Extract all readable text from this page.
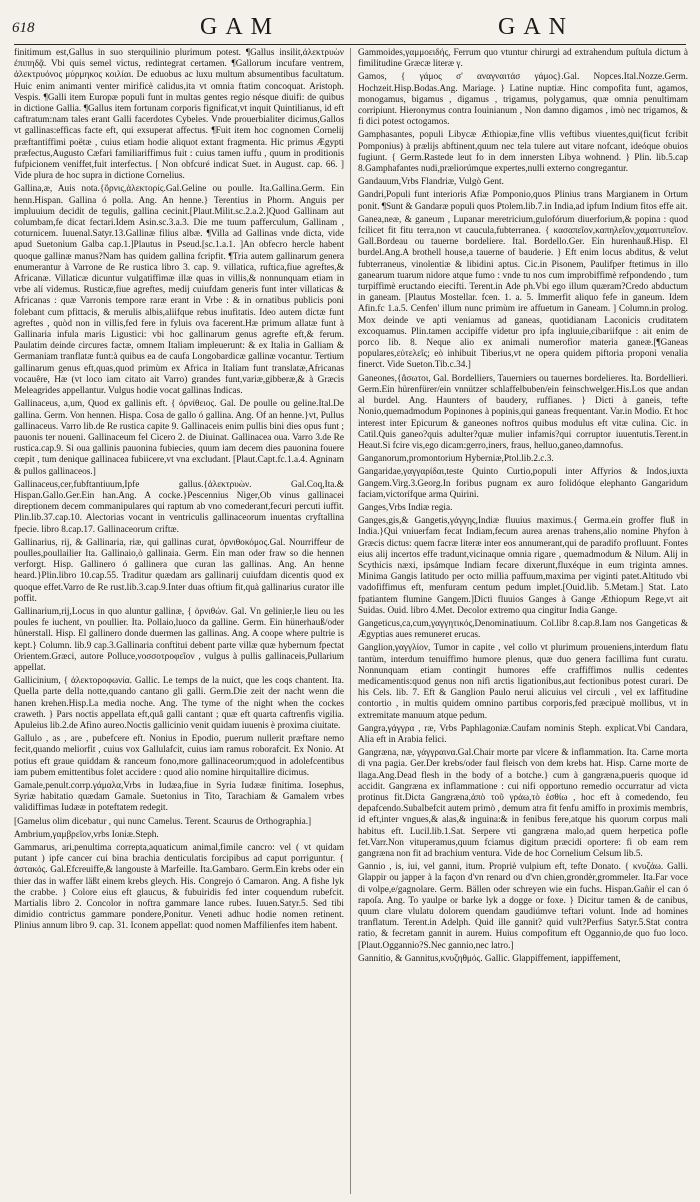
618	GAM	GAN

finitimum est,Gallus in suo sterquilinio plurimum potest. ¶Gallus insilit,ἀλεκτρυὼν ἐπιπηδᾷ. Vbi quis semel victus, redintegrat certamen. ¶Gallorum incufare ventrem, ἀλεκτρυόνος μύρμηκος κοιλίαι. De eduobus ac luxu multum absumentibus facultatum. Huic enim animanti venter mirificè calidus,ita vt omnia ftatim concoquat. Aristoph. Vespis. ¶Galli item Europæ populi funt in multas gentes regio nésque diuifi: de quibus in dictione Gallia. ¶Gallus item fortunam corporis fignificat,vt inquit Quintilianus, id eft caftratum:nam tales erant Galli facerdotes Cybeles. Vnde prouerbialiter dicimus,Gallos vt gallinas:efficas facte eft, qui exsuperat affectus. ¶Fuit item hoc cognomen Cornelij præftantiffimi poëtæ , cuius etiam hodie aliquot extant fragmenta. Hic primus Ægypti præfectus,Augusto Cæfari familiariffimus fuit : cuius tamen iuffu , quum in proditionis fufpicionem veniffet,fuit interfectus. [ Non obfcuré indicat Suet. in August. cap. 66. ] Vide plura de hoc supra in dictione Cornelius.

Gallina,æ, Auis nota.{ὄρνις,ἀλεκτορίς.Gal.Geline ou poulle. Ita.Gallina.Germ. Ein henn.Hispan. Gallina ó polla. Ang. An henne.} Terentius in Phorm. Anguis per impluuium decidit de tegulis, gallina cecinit.[Plaut.Milit.sc.2.a.2.]Quod Gallinam aut columbam,fe dicat fectari.Idem Asin.sc.3.a.3. Die me tuum pafferculum, Gallinam , coturnicem. Iuuenal.Satyr.13.Gallinæ filius albæ. ¶Villa ad Gallinas vnde dicta, vide apud Suetonium Galba cap.1.]Plautus in Pseud.[sc.1.a.1. ]An obfecro hercle habent quoque gallinæ manus?Nam has quidem gallina fcripfit. ¶Tria autem gallinarum genera enumerantur à Varrone de Re rustica libro 3. cap. 9. villatica, ruftica,fiue agreftes,& Africanæ. Villaticæ dicuntur vulgatiffimæ illæ quas in villis,& nonnunquam etiam in vrbe alí videmus. Rusticæ,fiue agreftes, medij cuiufdam generis funt inter villaticas & Africanas : quæ Varronis tempore raræ erant in Vrbe : & in ornatibus publicis poni folebant cum pfittacis, & merulis albis,aliifque rebus inufitatis. Ideo autem dictæ funt agreftes , quòd non in villis,fed fere in fyluis ova facerent.Hæ primum allatæ funt à Gallinaria infula maris Ligustici: vbi hoc gallinarum genus agrefte eft,& ferum. Paulatim deinde circures factæ, omnem Italiam impleuerunt: & ex Italia in Galliam & Germaniam tranflatæ funt:à quibus ea de caufa Longobardicæ gallinæ vocantur. Tertium gallinarum genus eft,quas,quod primùm ex Africa in Italiam funt translatæ,Africanas vocauêre, Hæ (vt loco iam citato ait Varro) grandes funt,variæ,gibberæ,& à Græcis Meleagrides appellantur. Vulgus hodie vocat gallinas Indicas.

Gallinaceus, a,um, Quod ex gallinis eft. { ὀρνίθειος. Gal. De poulle ou geline.Ital.De gallina. Germ. Von hennen. Hispa. Cosa de gallo ó gallina. Ang. Of an henne.}vt, Pullus gallinaceus. Varro lib.de Re rustica capite 9. Gallinaceis enim pullis bini dies opus funt ; pauonis ter noueni. Gallinaceum fel Cicero 2. de Diuinat. Gallinacea oua. Varro 3.de Re rustica.cap.9. Si oua gallinis pauonina fubiecies, quum iam decem dies pauonina fouere cœpit , tum denique gallinacea fubiicere,vt vna excludant. [Plaut.Capt.fc.1.a.4. Agninam & pullos gallinaceos.]

Gallinaceus,cer,fubftantiuum,Ipfe gallus.{ἀλεκτρυὼν. Gal.Coq,Ita.& Hispan.Gallo.Ger.Ein han.Ang. A cocke.}Pescennius Niger,Ob vinus gallinacei direptionem decem commanipulares qui raptum ab vno comederant,fecuri percuti iuffit. Plin.lib.37.cap.10. Alectorias vocant in ventriculis gallinaceorum inuentas cryftallina fpecie. libro 8.cap.17. Gallinaceorum criftæ.

Gallinarius, rij, & Gallinaria, riæ, qui gallinas curat, ὀρνιθοκόμος.Gal. Nourriffeur de poulles,poullailier Ita. Gallinaio,ò gallinaia. Germ. Ein man oder fraw so die hennen verforgt. Hisp. Gallinero ó gallinera que curan las gallinas. Ang. An henne heard.}Plin.libro 10.cap.55. Traditur quædam ars gallinarij cuiufdam dicentis quod ex quoque effet.Varro de Re rust.lib.3.cap.9.Inter duas oftium fit,quà gallinarius curator ille poffit.

Gallinarium,rij,Locus in quo aluntur gallinæ, { ὀρνιθών. Gal. Vn gelinier,le lieu ou les poules fe iuchent, vn poullier. Ita. Pollaio,luoco da galline. Germ. Ein hünerhauß/oder hünerstall. Hisp. El gallinero donde duermen las gallinas. Ang. A coope where pultrie is kept.} Column. lib.9 cap.3.Gallinaria conftitui debent parte villæ quæ hybernum fpectat Orientem.Græci, autore Polluce,νοσσοτροφεῖον , vulgus à pullis gallinaceis,Pullarium appellat.

Gallicinium, { ἀλεκτοροφωνία. Gallic. Le temps de la nuict, que les coqs chantent. Ita. Quella parte della notte,quando cantano gli galli. Germ.Die zeit der nacht wenn die hanen krehen.Hisp.La media noche. Ang. The tyme of the night when the cockes craweth. } Pars noctis appellata eft,quâ galli cantant ; quæ eft quarta caftrenfis vigilia. Apuleius lib.2.de Afino aureo.Noctis gallicinio venit quidam iuuenis è proxima ciuitate.

Gallulo , as , are , pubefcere eft. Nonius in Epodio, puerum nullerit præftare nemo fecit,quando meliorfit , cuius vox Gallulafcit, cuius iam ramus roborafcit. Ex Nonio. At potius eft graue quiddam & ranceum fono,more gallinaceorum;quod in adolefcentibus iam pubem emittentibus folet accidere : quod alio nomine hirquitallire dicimus.

Gamale,penult.corrp.γάμαλα,Vrbs in Iudæa,fiue in Syria Iudææ finitima. Iosephus, Syriæ habitatio quædam Gamale. Suetonius in Tito, Tarachiam & Gamalem vrbes validiffimas Iudææ in poteftatem redegit.

[Gamelus olim dicebatur , qui nunc Camelus. Terent. Scaurus de Orthographia.]

Ambrium,γαμβρεῖον,vrbs Ioniæ.Steph.

Gammarus, ari,penultima correpta,aquaticum animal,fimile cancro: vel ( vt quidam putant ) ipfe cancer cui bina brachia denticulatis forcipibus ad caput porriguntur. { ἀστακός. Gal.Efcreuiffe,& langouste à Marfeille. Ita.Gambaro. Germ.Ein krebs oder ein thier das in waffer läßt einem krebs gleych. His. Congrejo ó Camaron. Ang. A fishe lyk the crabbe. } Colore eius eft glaucus, & fubuiridis fed inter coquendum rubefcit. Martialis libro 2. Concolor in noftra gammare lance rubes. Iuuen.Satyr.5. Sed tibi dimidio contrictus gammare pondere,Ponitur. Veneti adhuc hodie nomen retinent. Plinius annum libro 9. cap. 31. Iconem appellat: quod nomen Maffilienfes item habent.

Gammoides,γαμμοειδής, Ferrum quo vtuntur chirurgi ad extrahendum puſtula dictum à fimilitudine Græcæ literæ γ.

Gamos, { γάμος σ' αναγναιτάσ γάμος}.Gal. Nopces.Ital.Nozze.Germ. Hochzeit.Hisp.Bodas.Ang. Mariage. } Latine nuptiæ. Hinc compofita funt, agamos, monogamus, bigamus , digamus , trigamus, polygamus, quæ omnia penultimam corripiunt. Hieronymus contra Iouinianum , Non damno digamos , imò nec trigamos, & fi dici potest octogamos.

Gamphasantes, populi Libycæ Æthiopiæ,fine vllis veftibus viuentes,qui(ficut fcribit Pomponius) à prælijs abftinent,quum nec tela tulere aut vitare nofcant, ideóque obuios fugiunt. { Germ.Rastede leut fo in dem innersten Libya wohnend. } Plin. lib.5.cap 8.Gamphafantes nudi,præliorúmque expertes,nulli externo congregantur.

Gandauum,Vrbs Flandriæ, Vulgò Gent.

Gandri,Populi funt interioris Afiæ Pomponio,quos Plinius trans Margianem in Ortum ponit. ¶Sunt & Gandaræ populi quos Ptolem.lib.7.in India,ad ipfum Indium fitos effe ait.

Ganea,neæ, & ganeum , Lupanar meretricium,gulofórum diuerforium,& popina : quod fcilicet fit fitu terra,non vt caucula,fubterranea. { κασαπεῖον,καπηλεῖον,χαμαιτυπεῖον. Gall.Bordeau ou tauerne bordeliere. Ital. Bordello.Ger. Ein hurenhauß.Hisp. El burdel.Ang.A brothell house,a tauerne of bauderie. } Eft enim locus abditus, & velut fubterraneus, vinolentiæ & libidini aptus. Cic.in Pisonem, Paulifper ftetimus in illo ganearum tuarum nidore atque fumo : vnde tu nos cum improbiffimè refpondendo , tum turpiffimè eructando eiecifti. Terent.in Ade ph.Vbi ego illum quæram?Credo abductum in ganeam. [Plautus Mostellar. fcen. 1. a. 5. Immerfit aliquo fefe in ganeum. Idem Afin.fc 1.a.5. Cenfen' illum nunc primùm ire affuetum in Ganeam. ] Column.in prolog. Mox deinde ve apti veniamus ad ganeas, quotidianam Laconicis cruditatem excoquamus. Plin.tamen accipiffe videtur pro ipfa ingluuie,cibariifque : ait enim de porco lib. 8. Neque alio ex animali numerofior materia ganeæ.[¶Ganeas populares,εὐτελεῖς; eò inhibuit Tiberius,vt ne opera quidem piftoria proponi venalia finerct. Vide Sueton.Tib.c.34.]

Ganeones,{ἄσωτοι, Gal. Bordelliers, Tauerniers ou tauernes bordelieres. Ita. Bordellieri. Germ.Ein hürenfürer/ein vnnützer schlaffelbuben/ein feinschwelger.His.Los que andan al burdel. Ang. Haunters of baudery, ruffianes. } Dicti à ganeis, tefte Nonio,quemadmodum Popinones à popinis,qui ganeas frequentant. Var.in Modio. Et hoc interest inter Epicurum & ganeones noftros quibus modulus eft vitæ culina. Cic. in Catil.Quis ganeo?quis adulter?quæ mulier infamis?qui corruptor iuuentutis.Terent.in Heaut.Si fcire vis,ego dicam:gerro,iners, fraus, helluo,ganeo,damnofus.

Ganganorum,promontorium Hyberniæ,Ptol.lib.2.c.3.

Gangaridae,γαγγαρίδαι,teste Quinto Curtio,populi inter Affyrios & Indos,iuxta Gangem.Virg.3.Georg.In foribus pugnam ex auro folidóque elephanto Gangaridum faciam,victorífque arma Quirini.

Ganges,Vrbs Indiæ regia.

Ganges,gis,& Gangetis,γάγγης,Indiæ fluuius maximus.{ Germa.ein groffer fluß in India.}Qui vniuerfam fecat Indiam,fecum aurea arenas trahens,alio nomine Phyfon à Græcis dictus: quem facræ literæ inter eos annumerant,qui de paradifo profluunt. Fontes eius alij incertos effe tradunt,vicinaque omnia rigare , quemadmodum & Nilum. Alij in Scythicis næxi, ipsámque Indiam fecare dixerunt,fluxéque in eum triginta amnes. Minima Gangis latitudo per octo millia paffuum,maxima per viginti patet.Altitudo vbi vadofiffimus eft, menfuram centum pedum implet.[Ouid.lib. 5.Metam.] Stat. Lato fpatiantem flumine Gangem.]Dicti fluuios Ganges à Gange Æthiopum Rege,vt ait Suidas. Ouid. libro 4.Met. Decolor extremo qua cingitur India Gange.

Gangeticus,ca,cum,γαγγητικός,Denominatiuum. Col.libr 8.cap.8.Iam nos Gangeticas & Ægyptias aues remuneret erucas.

Ganglion,γαγγλίον, Tumor in capite , vel collo vt plurimum proueniens,interdum flatu tantùm, interdum tenuiffimo humore plenus, quæ duo genera facillima funt curatu. Nonnunquam etiam contingit humores effe craffiffimos nullis cedentes medicamentis:quod genus non nifi arctis ligationibus,aut fectionibus potest curari. De his Cels. lib. 7. Eft & Ganglion Paulo nerui alicuius vel circuli , vel ex laffitudine contortio , in multis quidem omnino partibus corporis,fed præcipuè mollibus, vt in extremitate manuum atque pedum.

Gangra,γάγγρα , ræ, Vrbs Paphlagoniæ.Caufam nominis Steph. explicat.Vbi Candara, Alia eft in Arabia felici.

Gangræna, næ, γάγγραινα.Gal.Chair morte par vlcere & inflammation. Ita. Carne morta di vna pagia. Ger.Der krebs/oder faul fleisch von dem krebs hat. Hisp. Carne morte de llaga.Ang.Dead flesh in the body of a botche.} cum à gangræna,pueris quoque id accidit. Gangræna ex inflammatione : cui nifi opportuno remedio occurratur ad victa protinus fit.Dicta Gangræna,ἀπὸ τοῦ γράω,τὸ ἐσθίω , hoc eft à comedendo, feu depafcendo.Subalbefcit autem primò , demum atra fit fenfu amiffo in proximis membris, id eft,inter vngues,& alas,& inguina:& in fenibus fere,atque his quorum corpus mali habitus eft. Lucil.lib.1.Sat. Serpere vti gangræna malo,ad quem herpetica pofle fet.Varr.Non vituperamus,quum fciamus digitum præcidi oportere: fi ob eam rem gangræna non fit ad brachium ventura. Vide de hoc Cornelium Celsum lib.5.

Gannio , is, iui, vel ganni, itum. Propriè vulpium eft, tefte Donato. { κνυζάω. Galli. Glappir ou japper à la façon d'vn renard ou d'vn chien,grondèr,grommeler. Ita.Far voce di volpe,e/gagnolare. Germ. Bällen oder schreyen wie ein fuchs. Hispan.Gañir el can ó rapoſa. Ang. To yaulpe or barke lyk a dogge or foxe. } Dicitur tamen & de canibus, quum clare vlulatu dolorem quendam gaudiúmve teftari volunt. Inde ad homines tranflatum. Terent.in Adelph. Quid ille gannit? quid vult?Perfius Satyr.5.Stat contra ratio, & fecretam gannit in aurem. Huius compofitum eft Oggannio,de quo fuo loco. [Plaut.Oggannio?S.Nec gannio,nec latro.]

Gannitio, & Gannitus,κνυζηθμός. Gallic. Glappiffement, iappiffement,
